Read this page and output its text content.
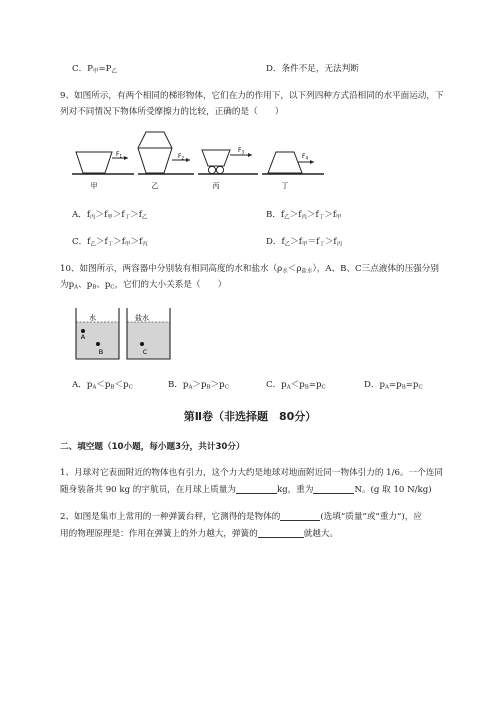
C．$P_甲=P_乙$	D．条件不足，无法判断
9、如图所示，有两个相同的梯形物体，它们在力的作用下，以下列四种方式沿相同的水平面运动，下
列对不同情况下物体所受摩擦力的比较，正确的是（　　）
$F_1$	$F_2$
$F_3$
$F_4$
甲	乙	丙	丁
A．$f_丙>f_甲>f_丁>f_乙$	B．$f_乙>f_丙>f_丁>f_甲$
C．$f_乙>f_丁>f_甲>f_丙$	D．$f_乙>f_甲=f_丁>f_丙$
10、如图所示，两容器中分别装有相同高度的水和盐水$(\rho_水<\rho_{盐水})$，A、B、C三点液体的压强分别
为$p_A$、$p_B$、$p_C$，它们的大小关系是（　　）
水	盐水
A
B	C
A．$p_A<p_B<p_C$	B．$p_A>p_B>p_C$	C．$p_A<p_B=p_C$	D．$p_A=p_B=p_C$
第Ⅱ卷（非选择题　80分）
二、填空题（10小题，每小题3分，共计30分）
1、月球对它表面附近的物体也有引力，这个力大约是地球对地面附近同一物体引力的 1/6。一个连同
随身装备共 90 kg 的宇航员，在月球上质量为	kg，重为	N。(g 取 10 N/kg)
2、如图是集市上常用的一种弹簧台秤，它测得的是物体的	(选填“质量”或“重力”)，应
用的物理原理是：作用在弹簧上的外力越大，弹簧的	就越大。
